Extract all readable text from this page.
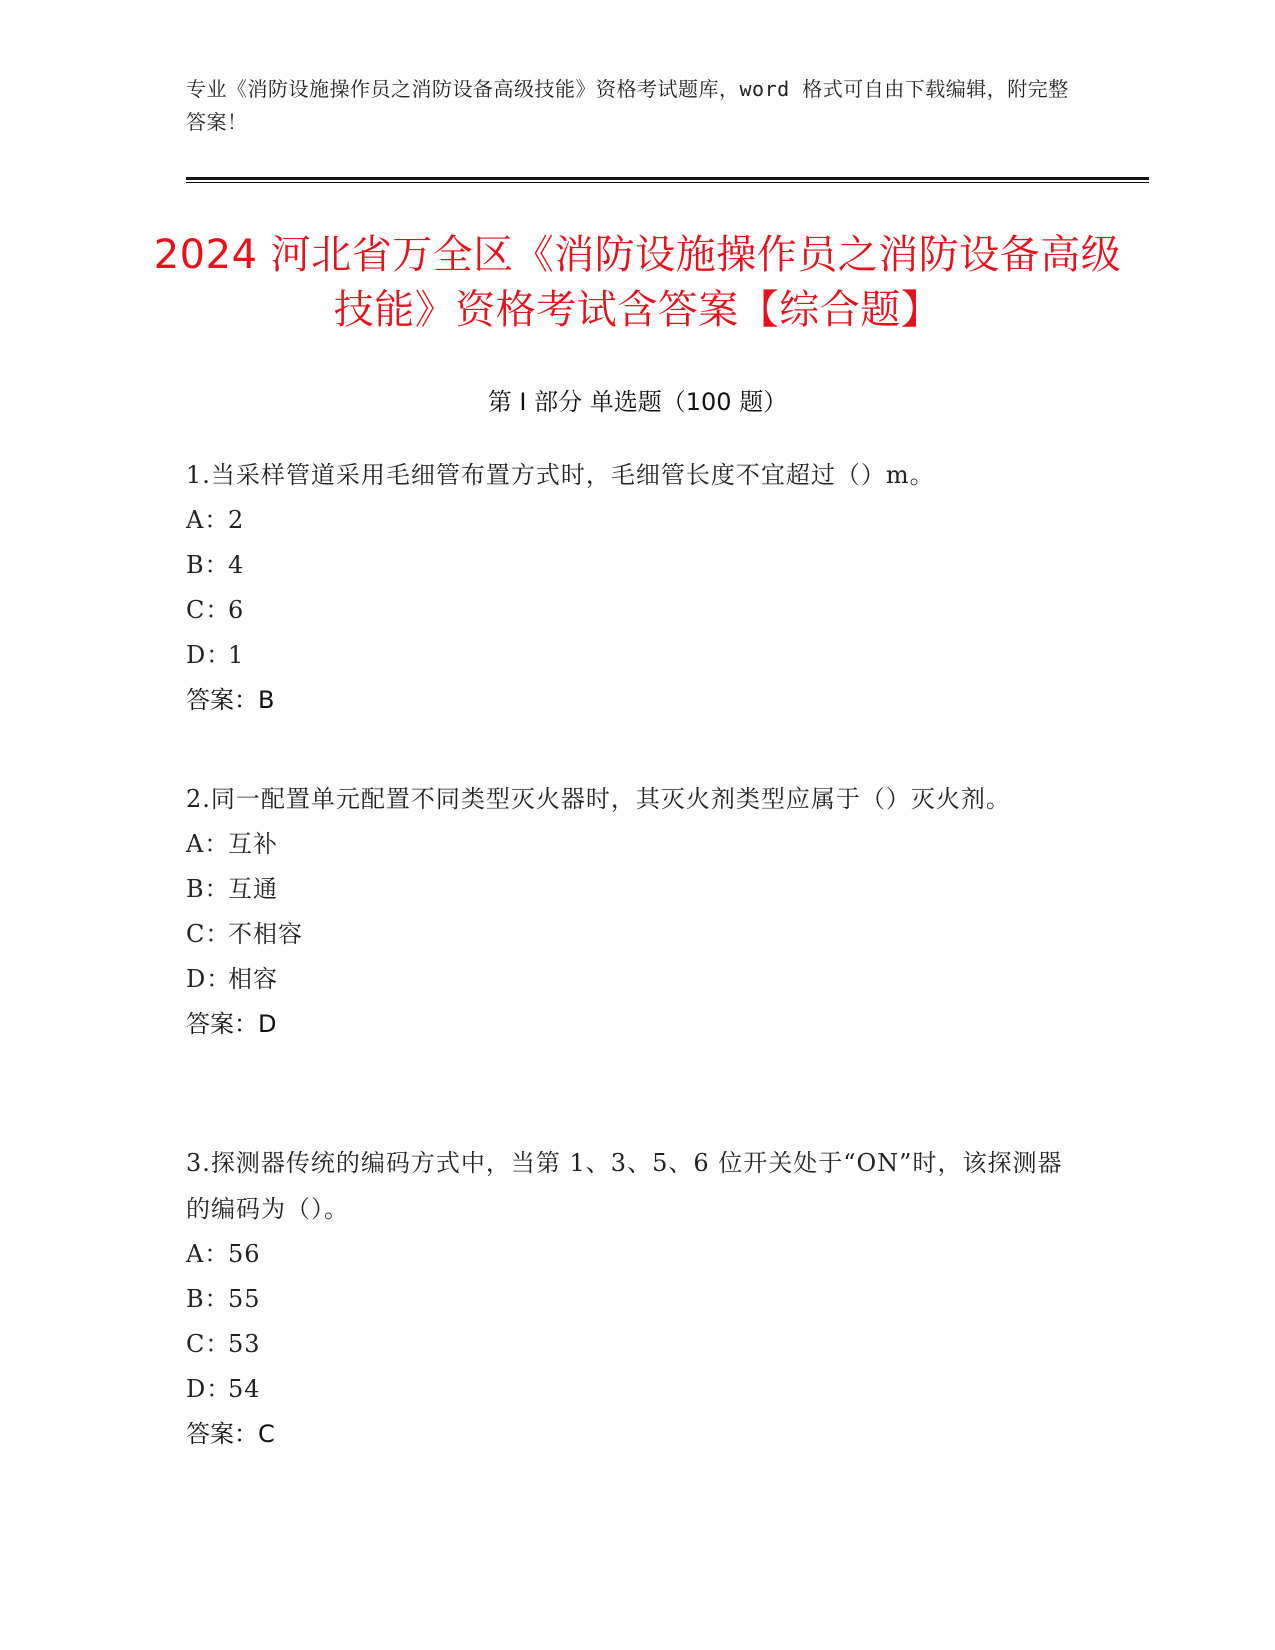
专业《消防设施操作员之消防设备高级技能》资格考试题库，word 格式可自由下载编辑，附完整答案！
2024 河北省万全区《消防设施操作员之消防设备高级技能》资格考试含答案【综合题】
第 I 部分 单选题（100 题）

1.当采样管道采用毛细管布置方式时，毛细管长度不宜超过（）m。

A：2

B：4

C：6

D：1

答案：B

2.同一配置单元配置不同类型灭火器时，其灭火剂类型应属于（）灭火剂。

A：互补

B：互通

C：不相容

D：相容

答案：D

3.探测器传统的编码方式中，当第 1、3、5、6 位开关处于“ON”时，该探测器的编码为（）。

A：56

B：55

C：53

D：54

答案：C
